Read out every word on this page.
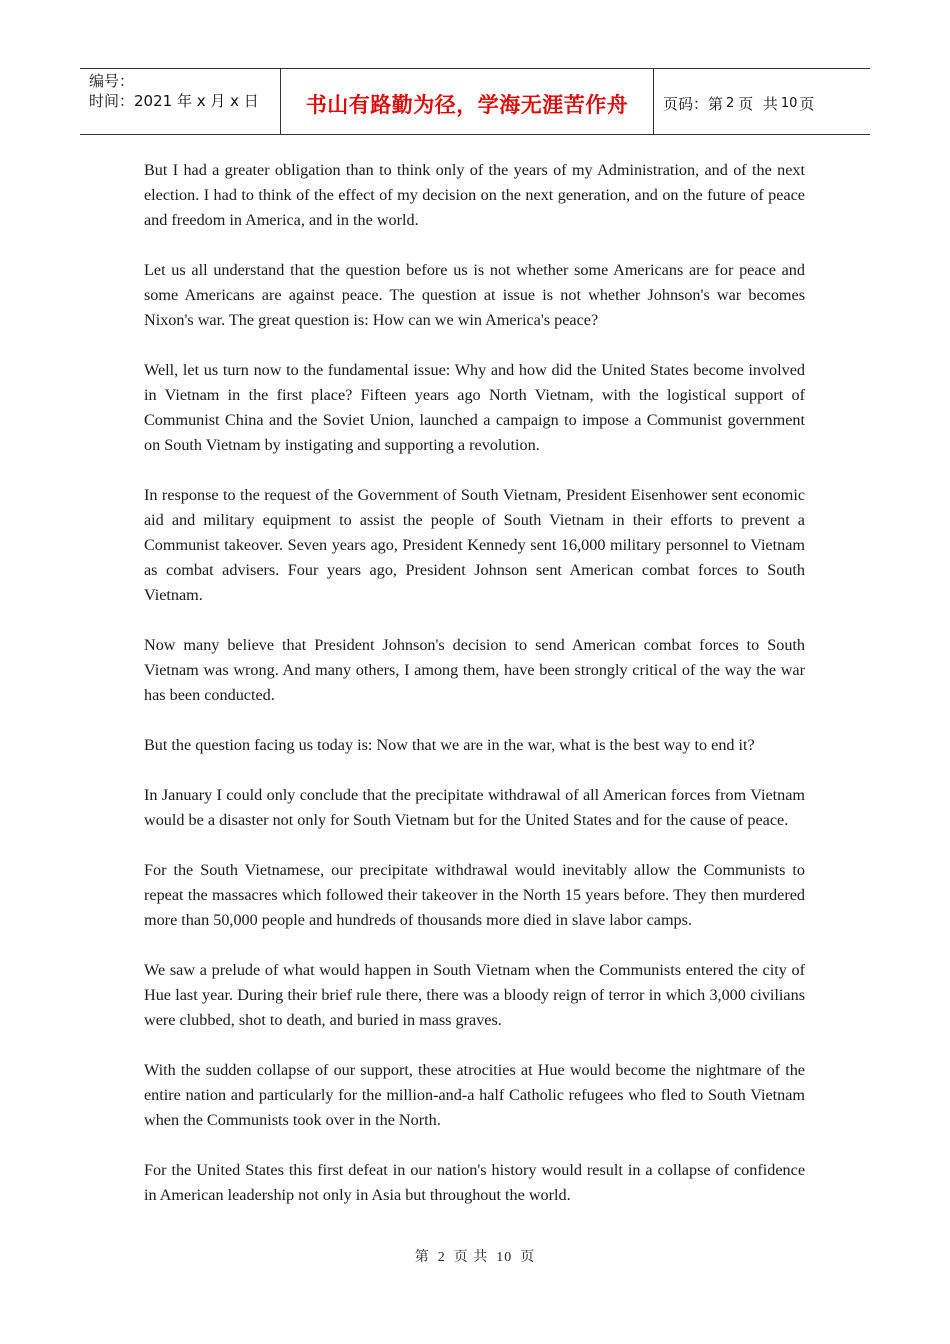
编号：
时间：2021 年 x 月 x 日	书山有路勤为径，学海无涯苦作舟	页码：第 2 页  共 10 页

But I had a greater obligation than to think only of the years of my Administration, and of the next election. I had to think of the effect of my decision on the next generation, and on the future of peace and freedom in America, and in the world.

Let us all understand that the question before us is not whether some Americans are for peace and some Americans are against peace. The question at issue is not whether Johnson's war becomes Nixon's war. The great question is: How can we win America's peace?

Well, let us turn now to the fundamental issue: Why and how did the United States become involved in Vietnam in the first place? Fifteen years ago North Vietnam, with the logistical support of Communist China and the Soviet Union, launched a campaign to impose a Communist government on South Vietnam by instigating and supporting a revolution.

In response to the request of the Government of South Vietnam, President Eisenhower sent economic aid and military equipment to assist the people of South Vietnam in their efforts to prevent a Communist takeover. Seven years ago, President Kennedy sent 16,000 military personnel to Vietnam as combat advisers. Four years ago, President Johnson sent American combat forces to South Vietnam.

Now many believe that President Johnson's decision to send American combat forces to South Vietnam was wrong. And many others, I among them, have been strongly critical of the way the war has been conducted.

But the question facing us today is: Now that we are in the war, what is the best way to end it?

In January I could only conclude that the precipitate withdrawal of all American forces from Vietnam would be a disaster not only for South Vietnam but for the United States and for the cause of peace.

For the South Vietnamese, our precipitate withdrawal would inevitably allow the Communists to repeat the massacres which followed their takeover in the North 15 years before. They then murdered more than 50,000 people and hundreds of thousands more died in slave labor camps.

We saw a prelude of what would happen in South Vietnam when the Communists entered the city of Hue last year. During their brief rule there, there was a bloody reign of terror in which 3,000 civilians were clubbed, shot to death, and buried in mass graves.

With the sudden collapse of our support, these atrocities at Hue would become the nightmare of the entire nation and particularly for the million-and-a half Catholic refugees who fled to South Vietnam when the Communists took over in the North.

For the United States this first defeat in our nation's history would result in a collapse of confidence in American leadership not only in Asia but throughout the world.

第 2 页 共 10 页
